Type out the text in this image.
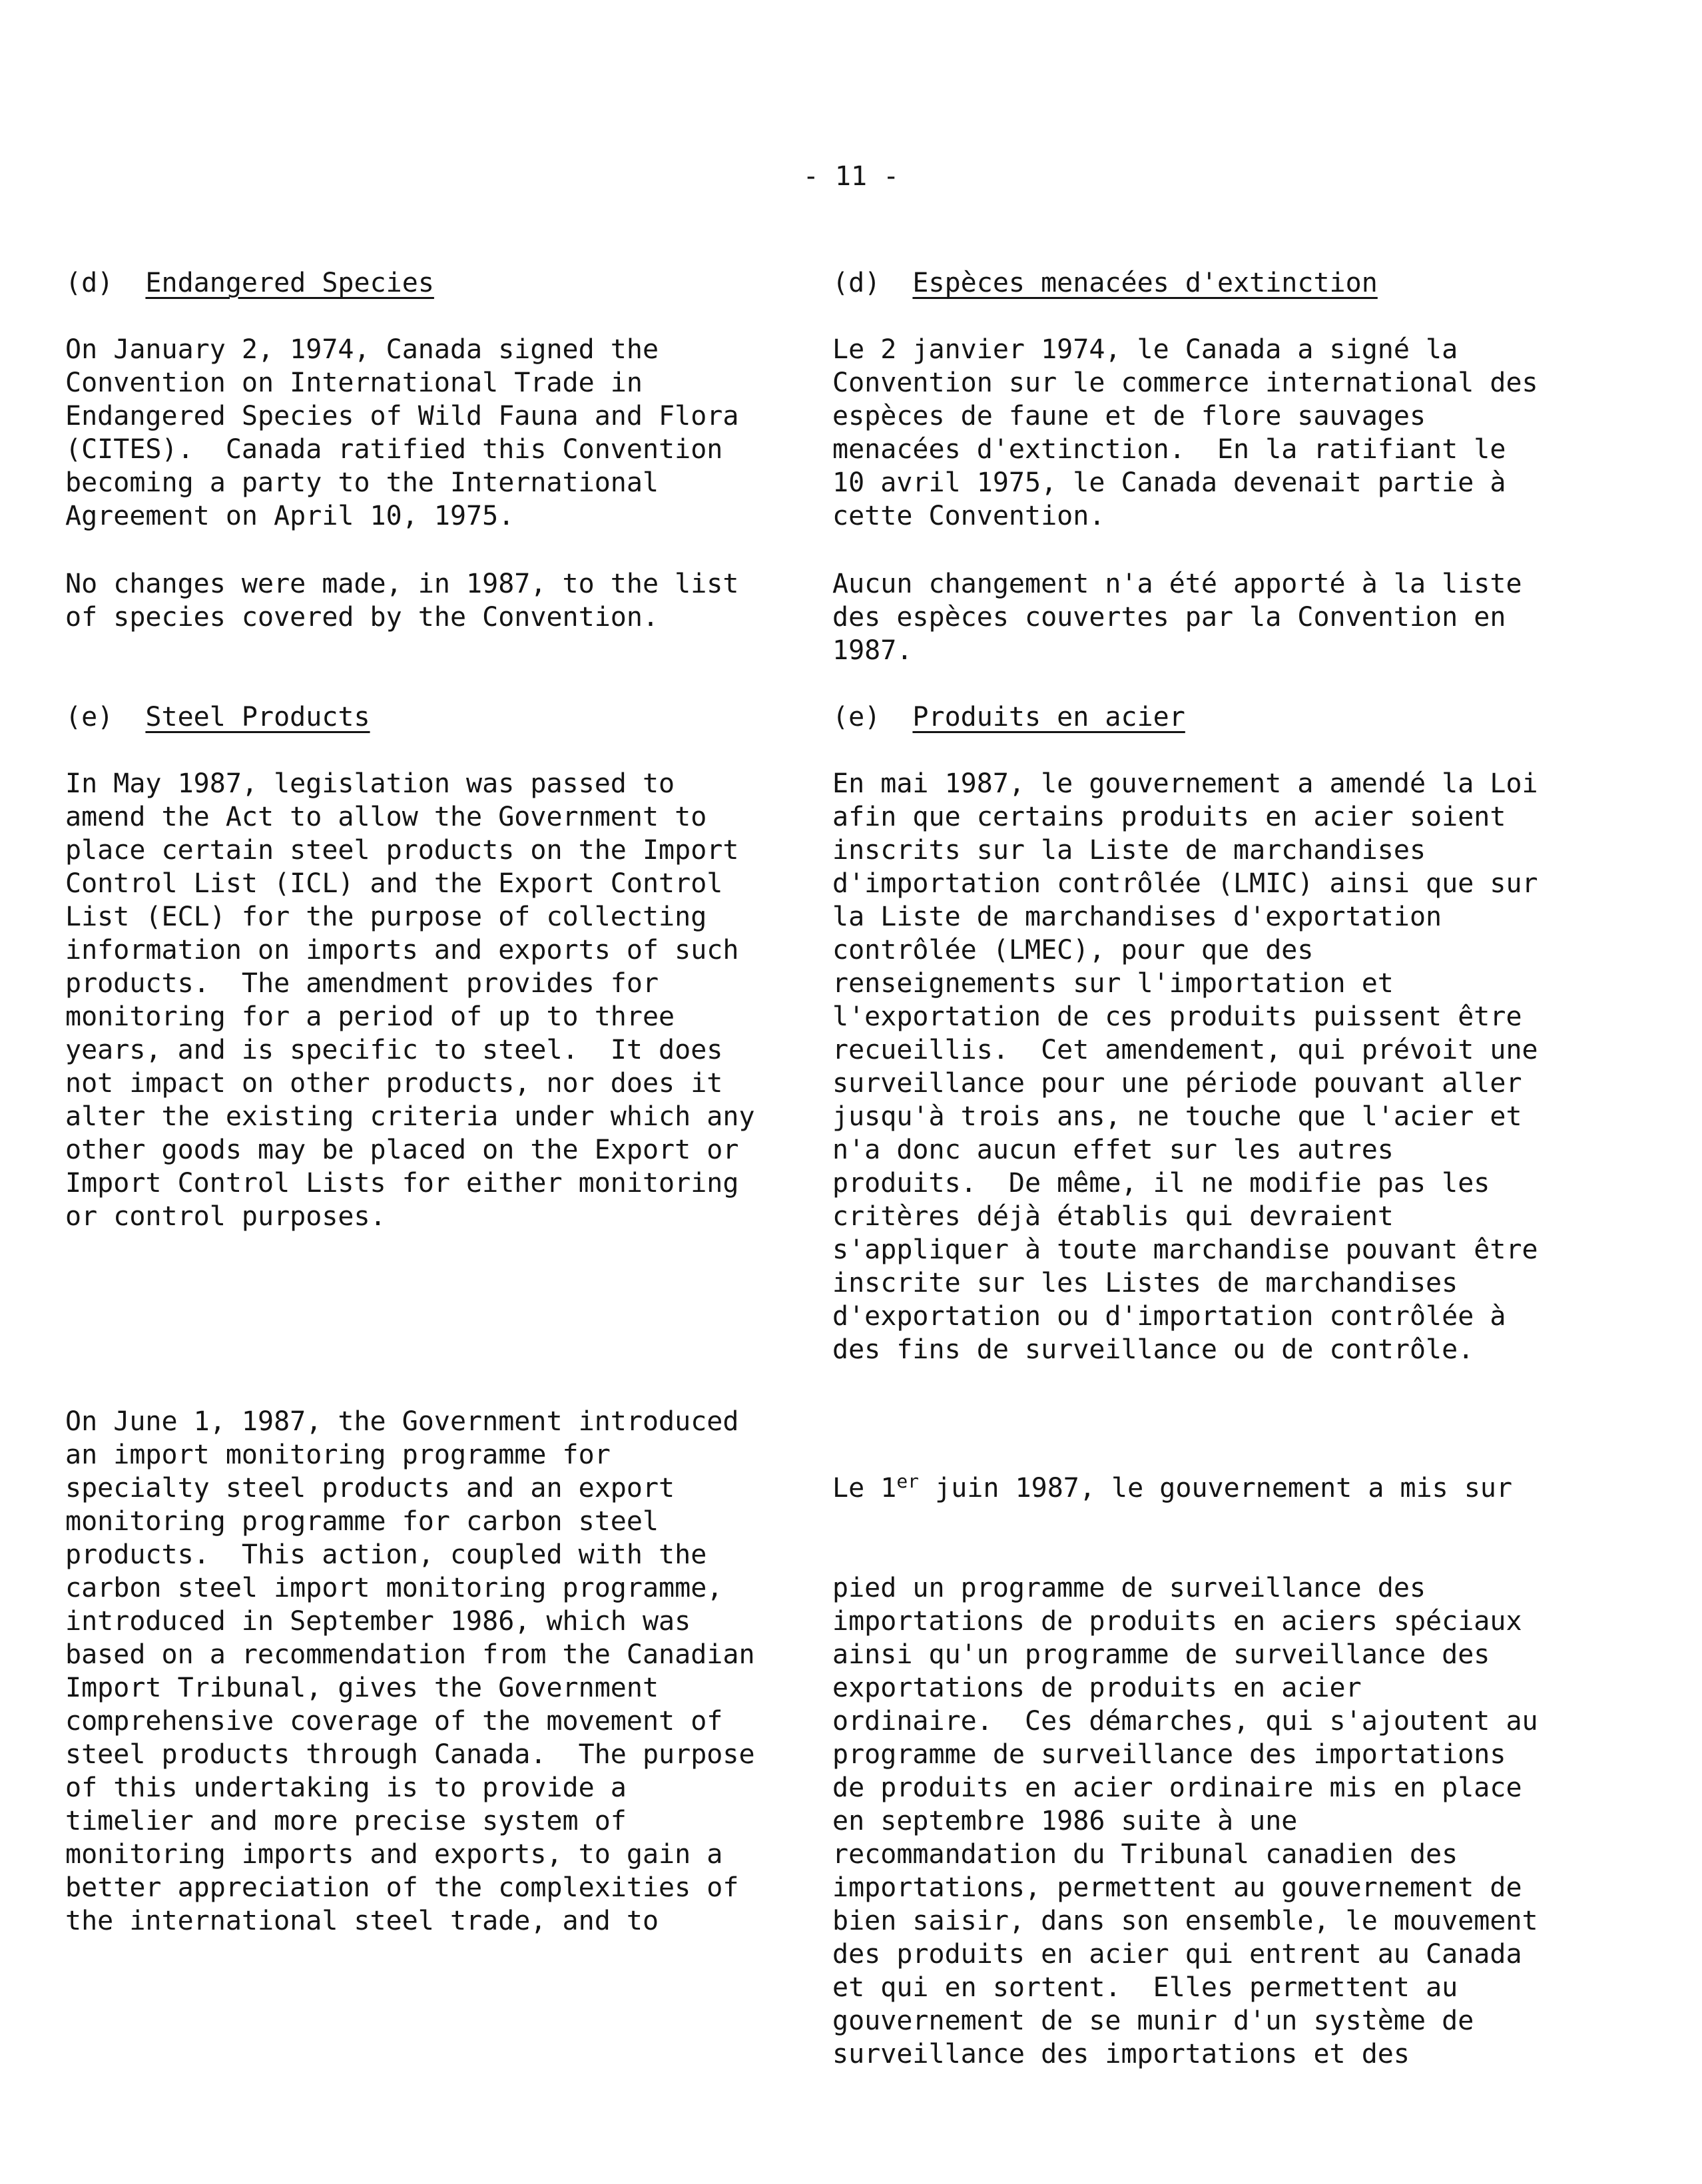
- 11 -
(d) Endangered Species
On January 2, 1974, Canada signed the
Convention on International Trade in
Endangered Species of Wild Fauna and Flora
(CITES).  Canada ratified this Convention
becoming a party to the International
Agreement on April 10, 1975.
No changes were made, in 1987, to the list
of species covered by the Convention.
(e) Steel Products
In May 1987, legislation was passed to
amend the Act to allow the Government to
place certain steel products on the Import
Control List (ICL) and the Export Control
List (ECL) for the purpose of collecting
information on imports and exports of such
products.  The amendment provides for
monitoring for a period of up to three
years, and is specific to steel.  It does
not impact on other products, nor does it
alter the existing criteria under which any
other goods may be placed on the Export or
Import Control Lists for either monitoring
or control purposes.
On June 1, 1987, the Government introduced
an import monitoring programme for
specialty steel products and an export
monitoring programme for carbon steel
products.  This action, coupled with the
carbon steel import monitoring programme,
introduced in September 1986, which was
based on a recommendation from the Canadian
Import Tribunal, gives the Government
comprehensive coverage of the movement of
steel products through Canada.  The purpose
of this undertaking is to provide a
timelier and more precise system of
monitoring imports and exports, to gain a
better appreciation of the complexities of
the international steel trade, and to
(d) Espèces menacées d'extinction
Le 2 janvier 1974, le Canada a signé la
Convention sur le commerce international des
espèces de faune et de flore sauvages
menacées d'extinction.  En la ratifiant le
10 avril 1975, le Canada devenait partie à
cette Convention.
Aucun changement n'a été apporté à la liste
des espèces couvertes par la Convention en
1987.
(e) Produits en acier
En mai 1987, le gouvernement a amendé la Loi
afin que certains produits en acier soient
inscrits sur la Liste de marchandises
d'importation contrôlée (LMIC) ainsi que sur
la Liste de marchandises d'exportation
contrôlée (LMEC), pour que des
renseignements sur l'importation et
l'exportation de ces produits puissent être
recueillis.  Cet amendement, qui prévoit une
surveillance pour une période pouvant aller
jusqu'à trois ans, ne touche que l'acier et
n'a donc aucun effet sur les autres
produits.  De même, il ne modifie pas les
critères déjà établis qui devraient
s'appliquer à toute marchandise pouvant être
inscrite sur les Listes de marchandises
d'exportation ou d'importation contrôlée à
des fins de surveillance ou de contrôle.

Le 1er juin 1987, le gouvernement a mis sur

pied un programme de surveillance des
importations de produits en aciers spéciaux
ainsi qu'un programme de surveillance des
exportations de produits en acier
ordinaire.  Ces démarches, qui s'ajoutent au
programme de surveillance des importations
de produits en acier ordinaire mis en place
en septembre 1986 suite à une
recommandation du Tribunal canadien des
importations, permettent au gouvernement de
bien saisir, dans son ensemble, le mouvement
des produits en acier qui entrent au Canada
et qui en sortent.  Elles permettent au
gouvernement de se munir d'un système de
surveillance des importations et des
